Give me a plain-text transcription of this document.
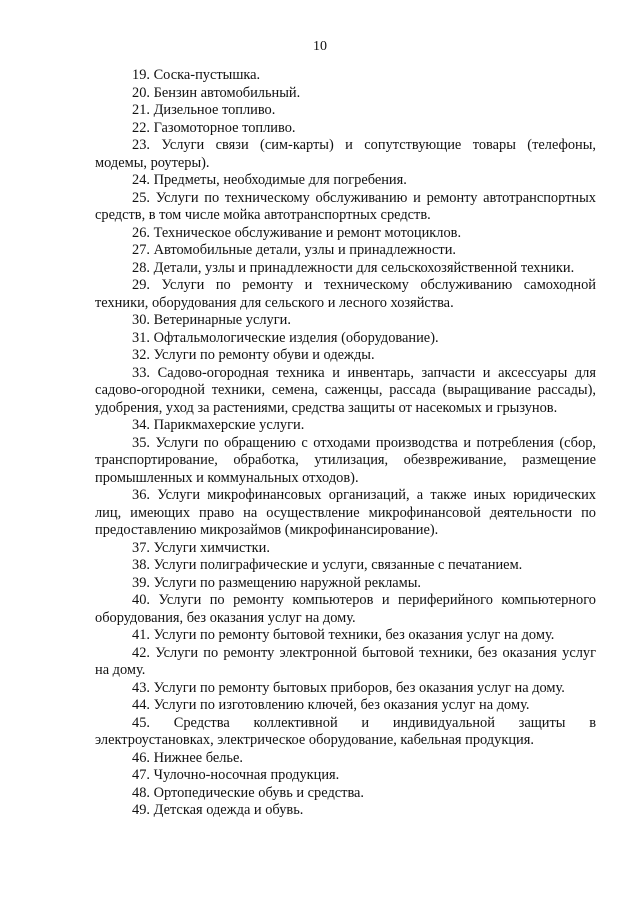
10

19. Соска-пустышка.

20. Бензин автомобильный.

21. Дизельное топливо.

22. Газомоторное топливо.

23. Услуги связи (сим-карты) и сопутствующие товары (телефоны, модемы, роутеры).

24. Предметы, необходимые для погребения.

25. Услуги по техническому обслуживанию и ремонту автотранспортных средств, в том числе мойка автотранспортных средств.

26. Техническое обслуживание и ремонт мотоциклов.

27. Автомобильные детали, узлы и принадлежности.

28. Детали, узлы и принадлежности для сельскохозяйственной техники.

29. Услуги по ремонту и техническому обслуживанию самоходной техники, оборудования для сельского и лесного хозяйства.

30. Ветеринарные услуги.

31. Офтальмологические изделия (оборудование).

32. Услуги по ремонту обуви и одежды.

33. Садово-огородная техника и инвентарь, запчасти и аксессуары для садово-огородной техники, семена, саженцы, рассада (выращивание рассады), удобрения, уход за растениями, средства защиты от насекомых и грызунов.

34. Парикмахерские услуги.

35. Услуги по обращению с отходами производства и потребления (сбор, транспортирование, обработка, утилизация, обезвреживание, размещение промышленных и коммунальных отходов).

36. Услуги микрофинансовых организаций, а также иных юридических лиц, имеющих право на осуществление микрофинансовой деятельности по предоставлению микрозаймов (микрофинансирование).

37. Услуги химчистки.

38. Услуги полиграфические и услуги, связанные с печатанием.

39. Услуги по размещению наружной рекламы.

40. Услуги по ремонту компьютеров и периферийного компьютерного оборудования, без оказания услуг на дому.

41. Услуги по ремонту бытовой техники, без оказания услуг на дому.

42. Услуги по ремонту электронной бытовой техники, без оказания услуг на дому.

43. Услуги по ремонту бытовых приборов, без оказания услуг на дому.

44. Услуги по изготовлению ключей, без оказания услуг на дому.

45. Средства коллективной и индивидуальной защиты в электроустановках, электрическое оборудование, кабельная продукция.

46. Нижнее белье.

47. Чулочно-носочная продукция.

48. Ортопедические обувь и средства.

49. Детская одежда и обувь.
